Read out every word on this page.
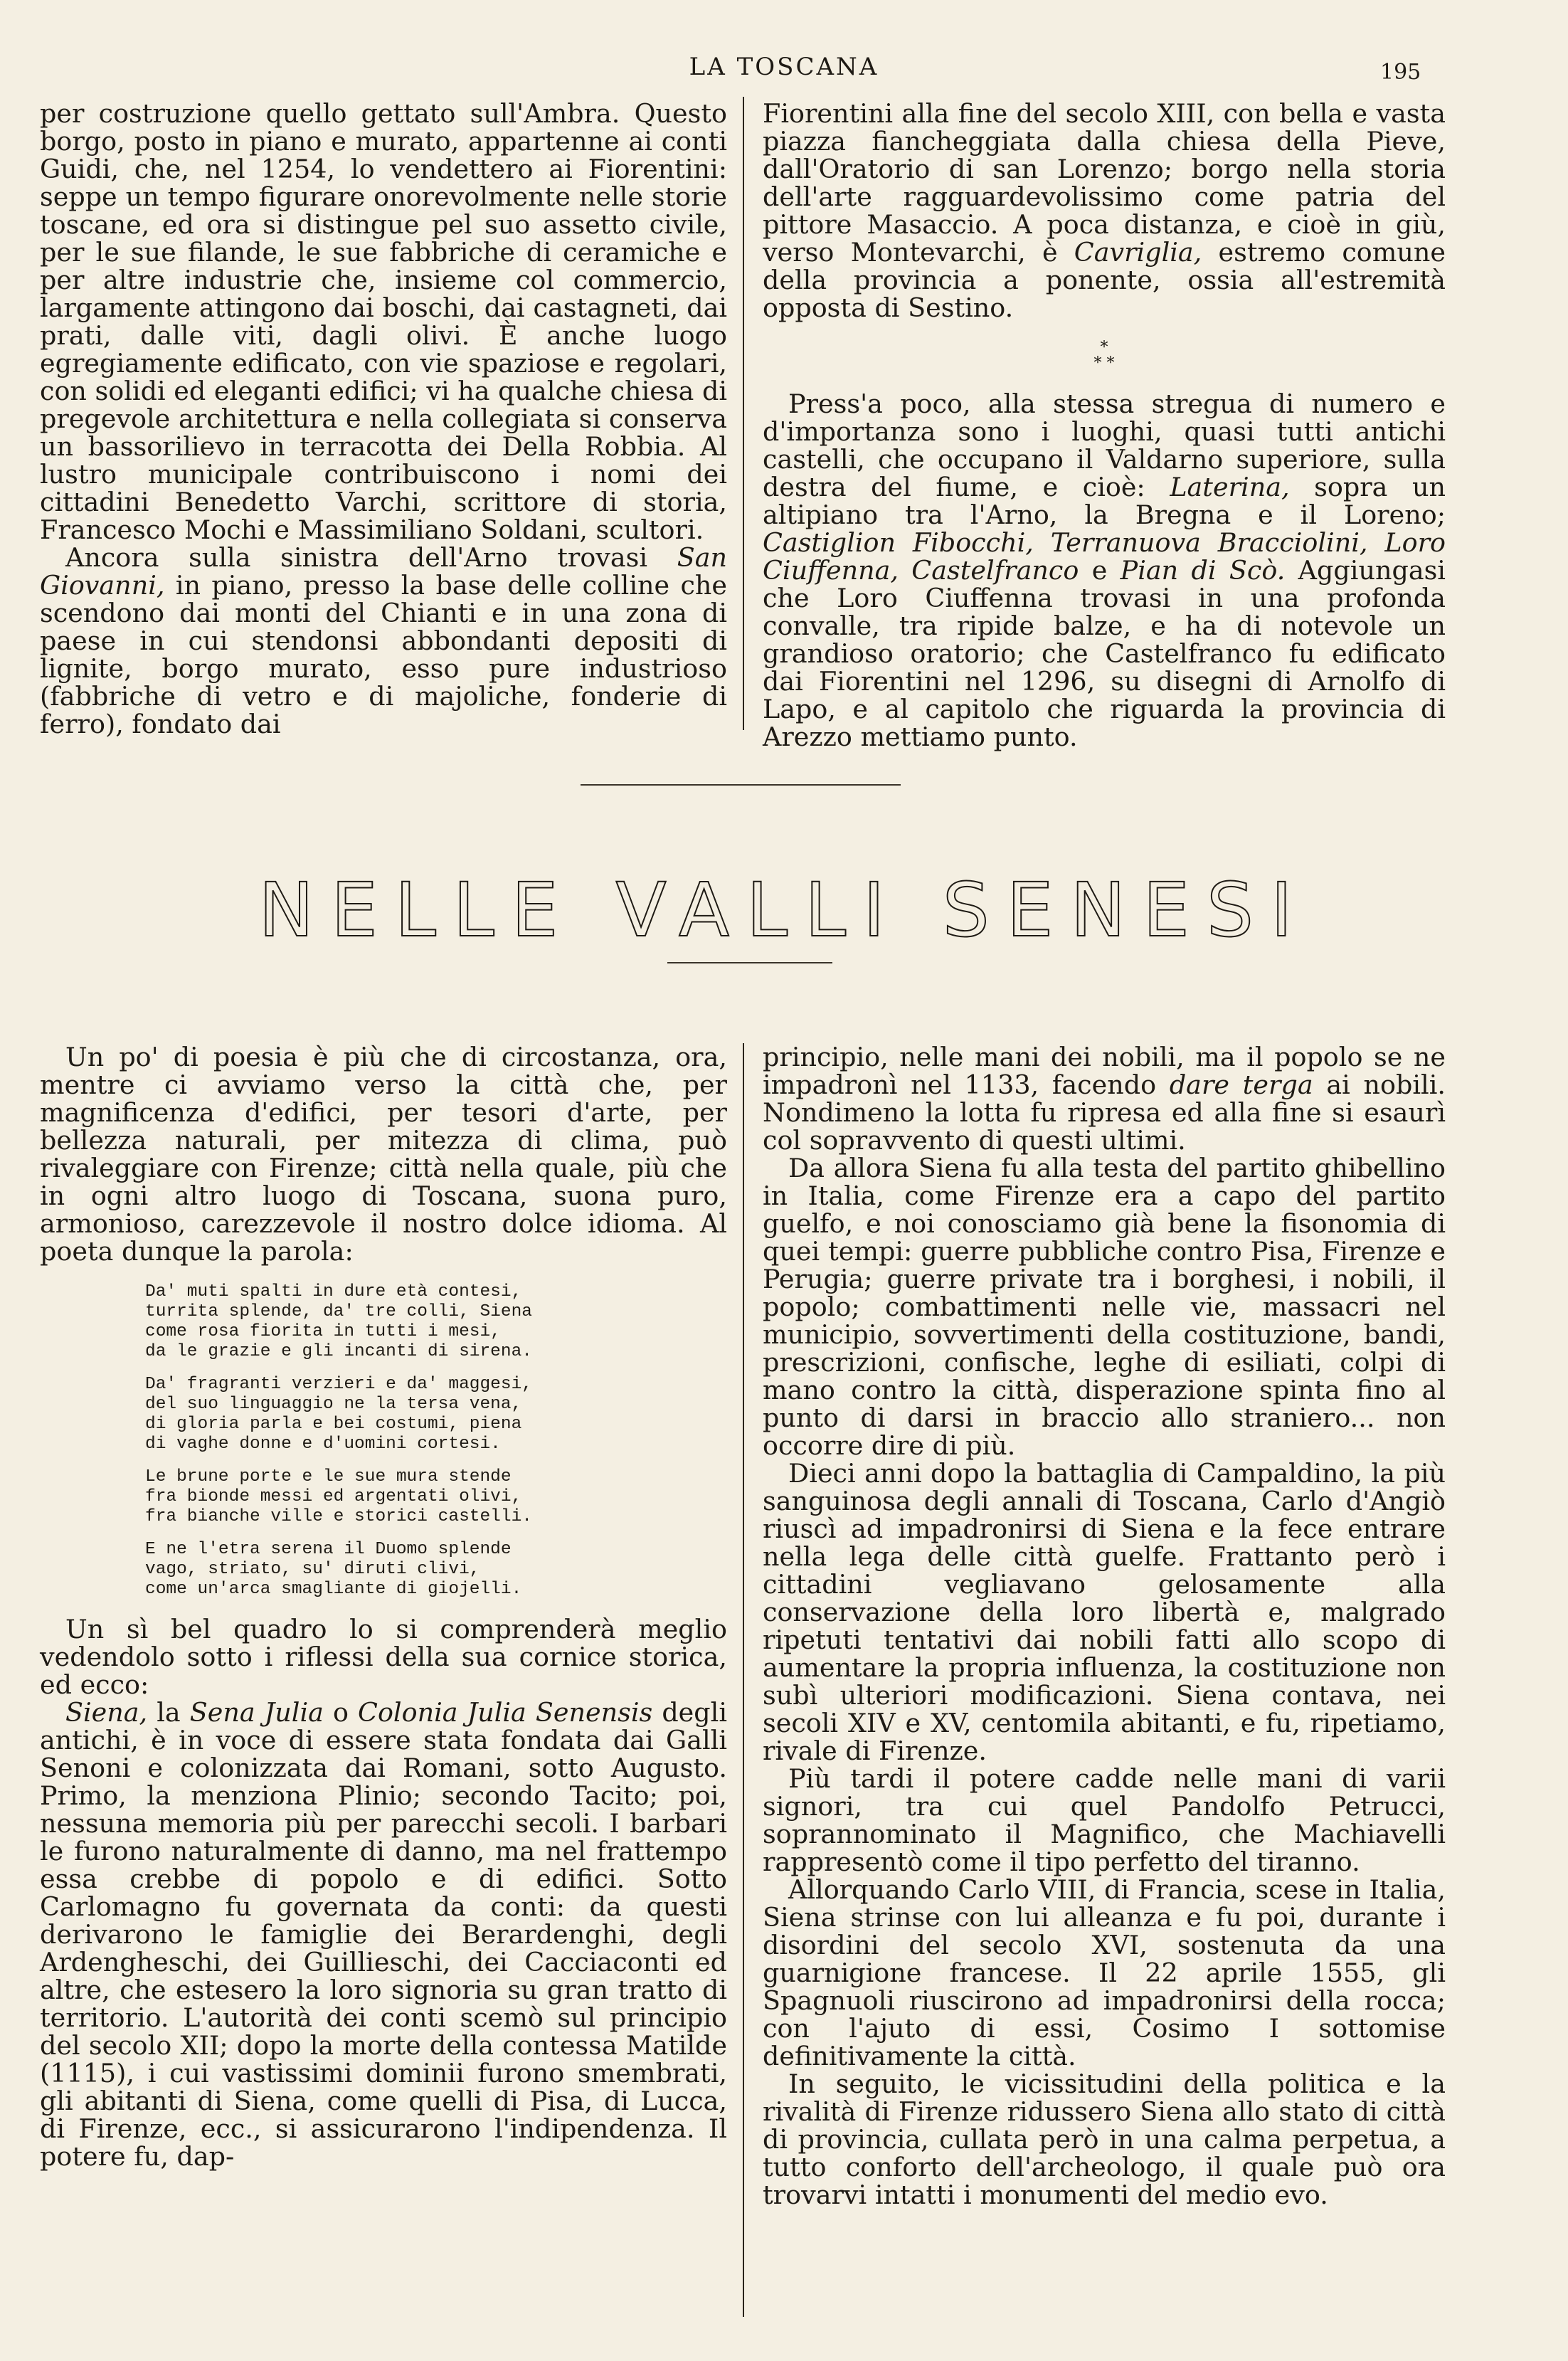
LA TOSCANA	195

per costruzione quello gettato sull'Ambra. Questo borgo, posto in piano e murato, appartenne ai conti Guidi, che, nel 1254, lo vendettero ai Fiorentini: seppe un tempo figurare onorevolmente nelle storie toscane, ed ora si distingue pel suo assetto civile, per le sue filande, le sue fabbriche di ceramiche e per altre industrie che, insieme col commercio, largamente attingono dai boschi, dai castagneti, dai prati, dalle viti, dagli olivi. È anche luogo egregiamente edificato, con vie spaziose e regolari, con solidi ed eleganti edifici; vi ha qualche chiesa di pregevole architettura e nella collegiata si conserva un bassorilievo in terracotta dei Della Robbia. Al lustro municipale contribuiscono i nomi dei cittadini Benedetto Varchi, scrittore di storia, Francesco Mochi e Massimiliano Soldani, scultori.

Ancora sulla sinistra dell'Arno trovasi San Giovanni, in piano, presso la base delle colline che scendono dai monti del Chianti e in una zona di paese in cui stendonsi abbondanti depositi di lignite, borgo murato, esso pure industrioso (fabbriche di vetro e di majoliche, fonderie di ferro), fondato dai

Fiorentini alla fine del secolo XIII, con bella e vasta piazza fiancheggiata dalla chiesa della Pieve, dall'Oratorio di san Lorenzo; borgo nella storia dell'arte ragguardevolissimo come patria del pittore Masaccio. A poca distanza, e cioè in giù, verso Montevarchi, è Cavriglia, estremo comune della provincia a ponente, ossia all'estremità opposta di Sestino.

*
* *

Press'a poco, alla stessa stregua di numero e d'importanza sono i luoghi, quasi tutti antichi castelli, che occupano il Valdarno superiore, sulla destra del fiume, e cioè: Laterina, sopra un altipiano tra l'Arno, la Bregna e il Loreno; Castiglion Fibocchi, Terranuova Bracciolini, Loro Ciuffenna, Castelfranco e Pian di Scò. Aggiungasi che Loro Ciuffenna trovasi in una profonda convalle, tra ripide balze, e ha di notevole un grandioso oratorio; che Castelfranco fu edificato dai Fiorentini nel 1296, su disegni di Arnolfo di Lapo, e al capitolo che riguarda la provincia di Arezzo mettiamo punto.

NELLE VALLI SENESI

Un po' di poesia è più che di circostanza, ora, mentre ci avviamo verso la città che, per magnificenza d'edifici, per tesori d'arte, per bellezza naturali, per mitezza di clima, può rivaleggiare con Firenze; città nella quale, più che in ogni altro luogo di Toscana, suona puro, armonioso, carezzevole il nostro dolce idioma. Al poeta dunque la parola:

Da' muti spalti in dure età contesi,
turrita splende, da' tre colli, Siena
come rosa fiorita in tutti i mesi,
da le grazie e gli incanti di sirena.
Da' fragranti verzieri e da' maggesi,
del suo linguaggio ne la tersa vena,
di gloria parla e bei costumi, piena
di vaghe donne e d'uomini cortesi.
Le brune porte e le sue mura stende
fra bionde messi ed argentati olivi,
fra bianche ville e storici castelli.
E ne l'etra serena il Duomo splende
vago, striato, su' diruti clivi,
come un'arca smagliante di giojelli.

Un sì bel quadro lo si comprenderà meglio vedendolo sotto i riflessi della sua cornice storica, ed ecco:

Siena, la Sena Julia o Colonia Julia Senensis degli antichi, è in voce di essere stata fondata dai Galli Senoni e colonizzata dai Romani, sotto Augusto. Primo, la menziona Plinio; secondo Tacito; poi, nessuna memoria più per parecchi secoli. I barbari le furono naturalmente di danno, ma nel frattempo essa crebbe di popolo e di edifici. Sotto Carlomagno fu governata da conti: da questi derivarono le famiglie dei Berardenghi, degli Ardengheschi, dei Guillieschi, dei Cacciaconti ed altre, che estesero la loro signoria su gran tratto di territorio. L'autorità dei conti scemò sul principio del secolo XII; dopo la morte della contessa Matilde (1115), i cui vastissimi dominii furono smembrati, gli abitanti di Siena, come quelli di Pisa, di Lucca, di Firenze, ecc., si assicurarono l'indipendenza. Il potere fu, dap-

principio, nelle mani dei nobili, ma il popolo se ne impadronì nel 1133, facendo dare terga ai nobili. Nondimeno la lotta fu ripresa ed alla fine si esaurì col sopravvento di questi ultimi.

Da allora Siena fu alla testa del partito ghibellino in Italia, come Firenze era a capo del partito guelfo, e noi conosciamo già bene la fisonomia di quei tempi: guerre pubbliche contro Pisa, Firenze e Perugia; guerre private tra i borghesi, i nobili, il popolo; combattimenti nelle vie, massacri nel municipio, sovvertimenti della costituzione, bandi, prescrizioni, confische, leghe di esiliati, colpi di mano contro la città, disperazione spinta fino al punto di darsi in braccio allo straniero... non occorre dire di più.

Dieci anni dopo la battaglia di Campaldino, la più sanguinosa degli annali di Toscana, Carlo d'Angiò riuscì ad impadronirsi di Siena e la fece entrare nella lega delle città guelfe. Frattanto però i cittadini vegliavano gelosamente alla conservazione della loro libertà e, malgrado ripetuti tentativi dai nobili fatti allo scopo di aumentare la propria influenza, la costituzione non subì ulteriori modificazioni. Siena contava, nei secoli XIV e XV, centomila abitanti, e fu, ripetiamo, rivale di Firenze.

Più tardi il potere cadde nelle mani di varii signori, tra cui quel Pandolfo Petrucci, soprannominato il Magnifico, che Machiavelli rappresentò come il tipo perfetto del tiranno.

Allorquando Carlo VIII, di Francia, scese in Italia, Siena strinse con lui alleanza e fu poi, durante i disordini del secolo XVI, sostenuta da una guarnigione francese. Il 22 aprile 1555, gli Spagnuoli riuscirono ad impadronirsi della rocca; con l'ajuto di essi, Cosimo I sottomise definitivamente la città.

In seguito, le vicissitudini della politica e la rivalità di Firenze ridussero Siena allo stato di città di provincia, cullata però in una calma perpetua, a tutto conforto dell'archeologo, il quale può ora trovarvi intatti i monumenti del medio evo.
